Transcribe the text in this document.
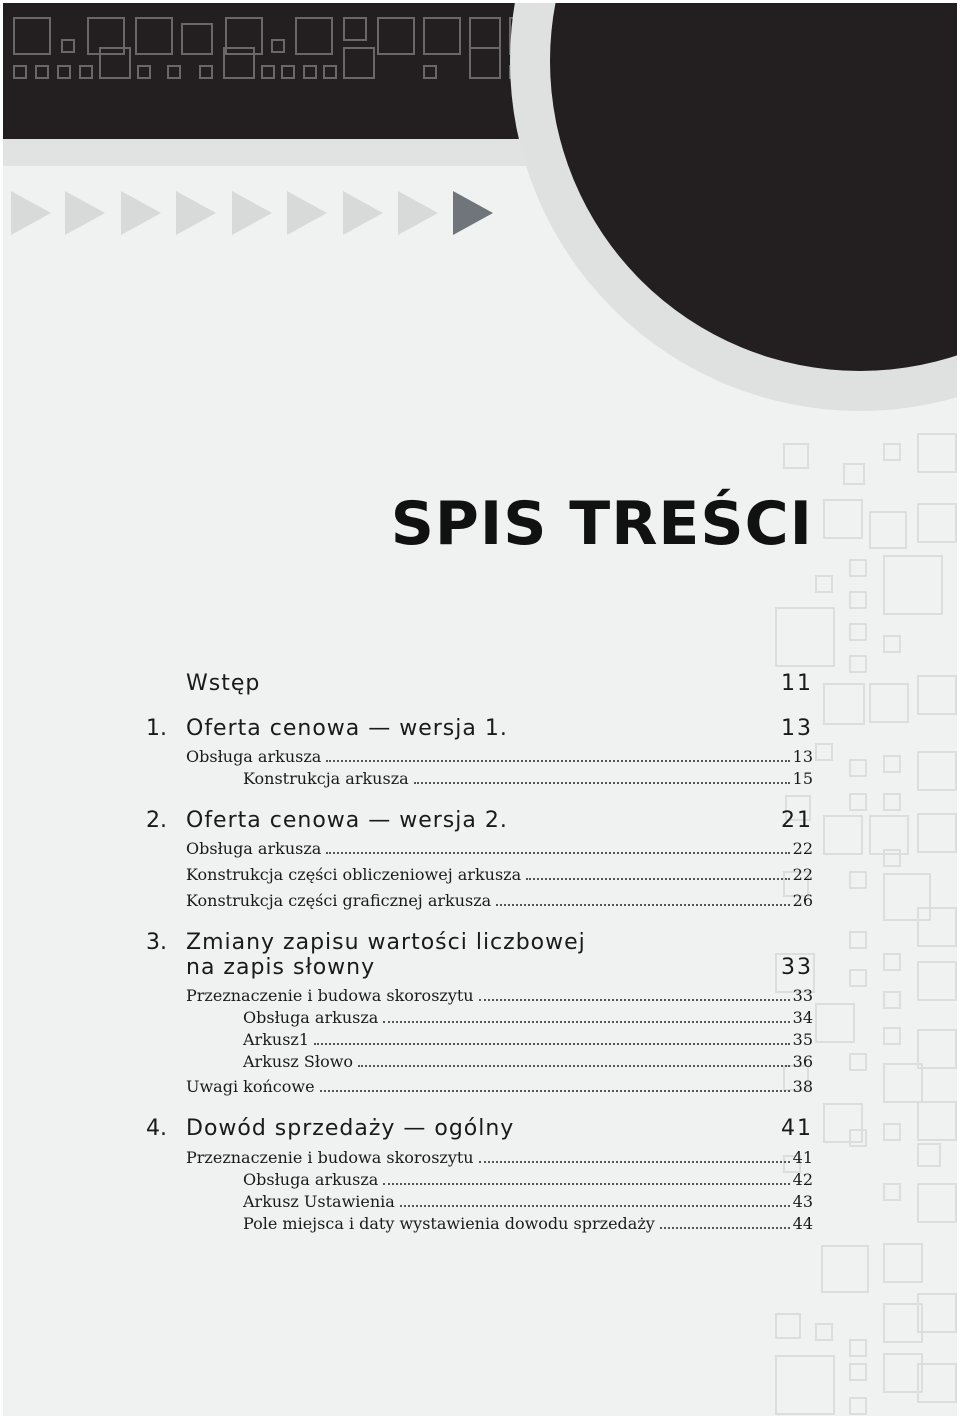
SPIS TREŚCI
Wstęp	11
1. Oferta cenowa — wersja 1.	13
Obsługa arkusza	13
Konstrukcja arkusza	15
2. Oferta cenowa — wersja 2.	21
Obsługa arkusza	22
Konstrukcja części obliczeniowej arkusza	22
Konstrukcja części graficznej arkusza	26
3. Zmiany zapisu wartości liczbowej
na zapis słowny	33
Przeznaczenie i budowa skoroszytu	33
Obsługa arkusza	34
Arkusz1	35
Arkusz Słowo	36
Uwagi końcowe	38
4. Dowód sprzedaży — ogólny	41
Przeznaczenie i budowa skoroszytu	41
Obsługa arkusza	42
Arkusz Ustawienia	43
Pole miejsca i daty wystawienia dowodu sprzedaży	44
